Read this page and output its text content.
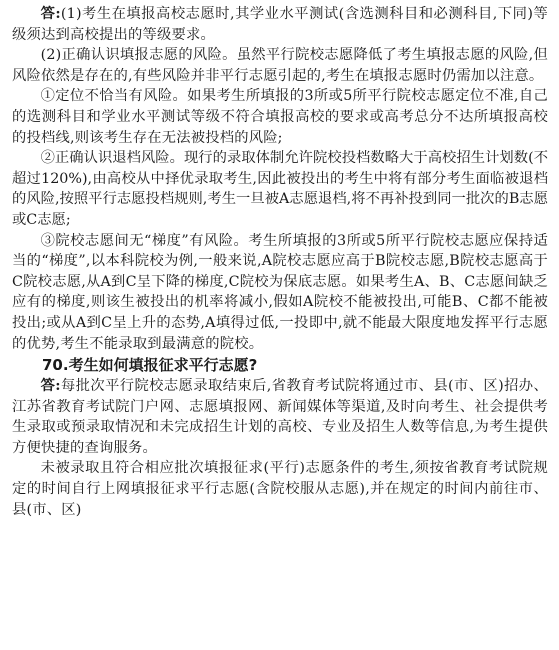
答:(1)考生在填报高校志愿时,其学业水平测试(含选测科目和必测科目,下同)等级须达到高校提出的等级要求。

(2)正确认识填报志愿的风险。虽然平行院校志愿降低了考生填报志愿的风险,但风险依然是存在的,有些风险并非平行志愿引起的,考生在填报志愿时仍需加以注意。

①定位不恰当有风险。如果考生所填报的3所或5所平行院校志愿定位不准,自己的选测科目和学业水平测试等级不符合填报高校的要求或高考总分不达所填报高校的投档线,则该考生存在无法被投档的风险;

②正确认识退档风险。现行的录取体制允许院校投档数略大于高校招生计划数(不超过120%),由高校从中择优录取考生,因此被投出的考生中将有部分考生面临被退档的风险,按照平行志愿投档规则,考生一旦被A志愿退档,将不再补投到同一批次的B志愿或C志愿;

③院校志愿间无“梯度”有风险。考生所填报的3所或5所平行院校志愿应保持适当的“梯度”,以本科院校为例,一般来说,A院校志愿应高于B院校志愿,B院校志愿高于C院校志愿,从A到C呈下降的梯度,C院校为保底志愿。如果考生A、B、C志愿间缺乏应有的梯度,则该生被投出的机率将减小,假如A院校不能被投出,可能B、C都不能被投出;或从A到C呈上升的态势,A填得过低,一投即中,就不能最大限度地发挥平行志愿的优势,考生不能录取到最满意的院校。

70.考生如何填报征求平行志愿?

答:每批次平行院校志愿录取结束后,省教育考试院将通过市、县(市、区)招办、江苏省教育考试院门户网、志愿填报网、新闻媒体等渠道,及时向考生、社会提供考生录取或预录取情况和未完成招生计划的高校、专业及招生人数等信息,为考生提供方便快捷的查询服务。

未被录取且符合相应批次填报征求(平行)志愿条件的考生,须按省教育考试院规定的时间自行上网填报征求平行志愿(含院校服从志愿),并在规定的时间内前往市、县(市、区)
